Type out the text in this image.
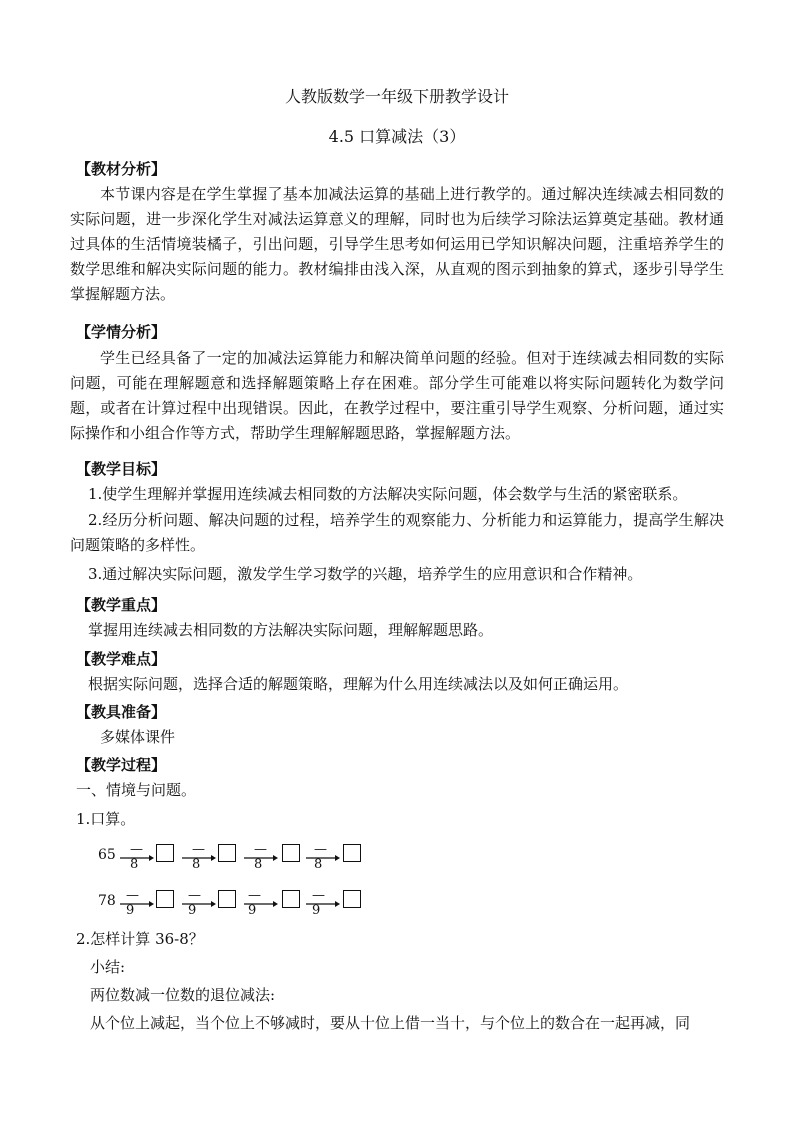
人教版数学一年级下册教学设计
4.5 口算减法（3）
【教材分析】
本节课内容是在学生掌握了基本加减法运算的基础上进行教学的。通过解决连续减去相同数的实际问题，进一步深化学生对减法运算意义的理解，同时也为后续学习除法运算奠定基础。教材通过具体的生活情境装橘子，引出问题，引导学生思考如何运用已学知识解决问题，注重培养学生的数学思维和解决实际问题的能力。教材编排由浅入深，从直观的图示到抽象的算式，逐步引导学生掌握解题方法。
【学情分析】
学生已经具备了一定的加减法运算能力和解决简单问题的经验。但对于连续减去相同数的实际问题，可能在理解题意和选择解题策略上存在困难。部分学生可能难以将实际问题转化为数学问题，或者在计算过程中出现错误。因此，在教学过程中，要注重引导学生观察、分析问题，通过实际操作和小组合作等方式，帮助学生理解解题思路，掌握解题方法。
【教学目标】
1.使学生理解并掌握用连续减去相同数的方法解决实际问题，体会数学与生活的紧密联系。
2.经历分析问题、解决问题的过程，培养学生的观察能力、分析能力和运算能力，提高学生解决问题策略的多样性。
3.通过解决实际问题，激发学生学习数学的兴趣，培养学生的应用意识和合作精神。
【教学重点】
掌握用连续减去相同数的方法解决实际问题，理解解题思路。
【教学难点】
根据实际问题，选择合适的解题策略，理解为什么用连续减法以及如何正确运用。
【教具准备】
多媒体课件
【教学过程】
一、情境与问题。
1.口算。
65 —8
—8
—8
—8
78 —9
—9
—9
—9
2.怎样计算 36-8？
小结:
两位数减一位数的退位减法:
从个位上减起，当个位上不够减时，要从十位上借一当十，与个位上的数合在一起再减，同
